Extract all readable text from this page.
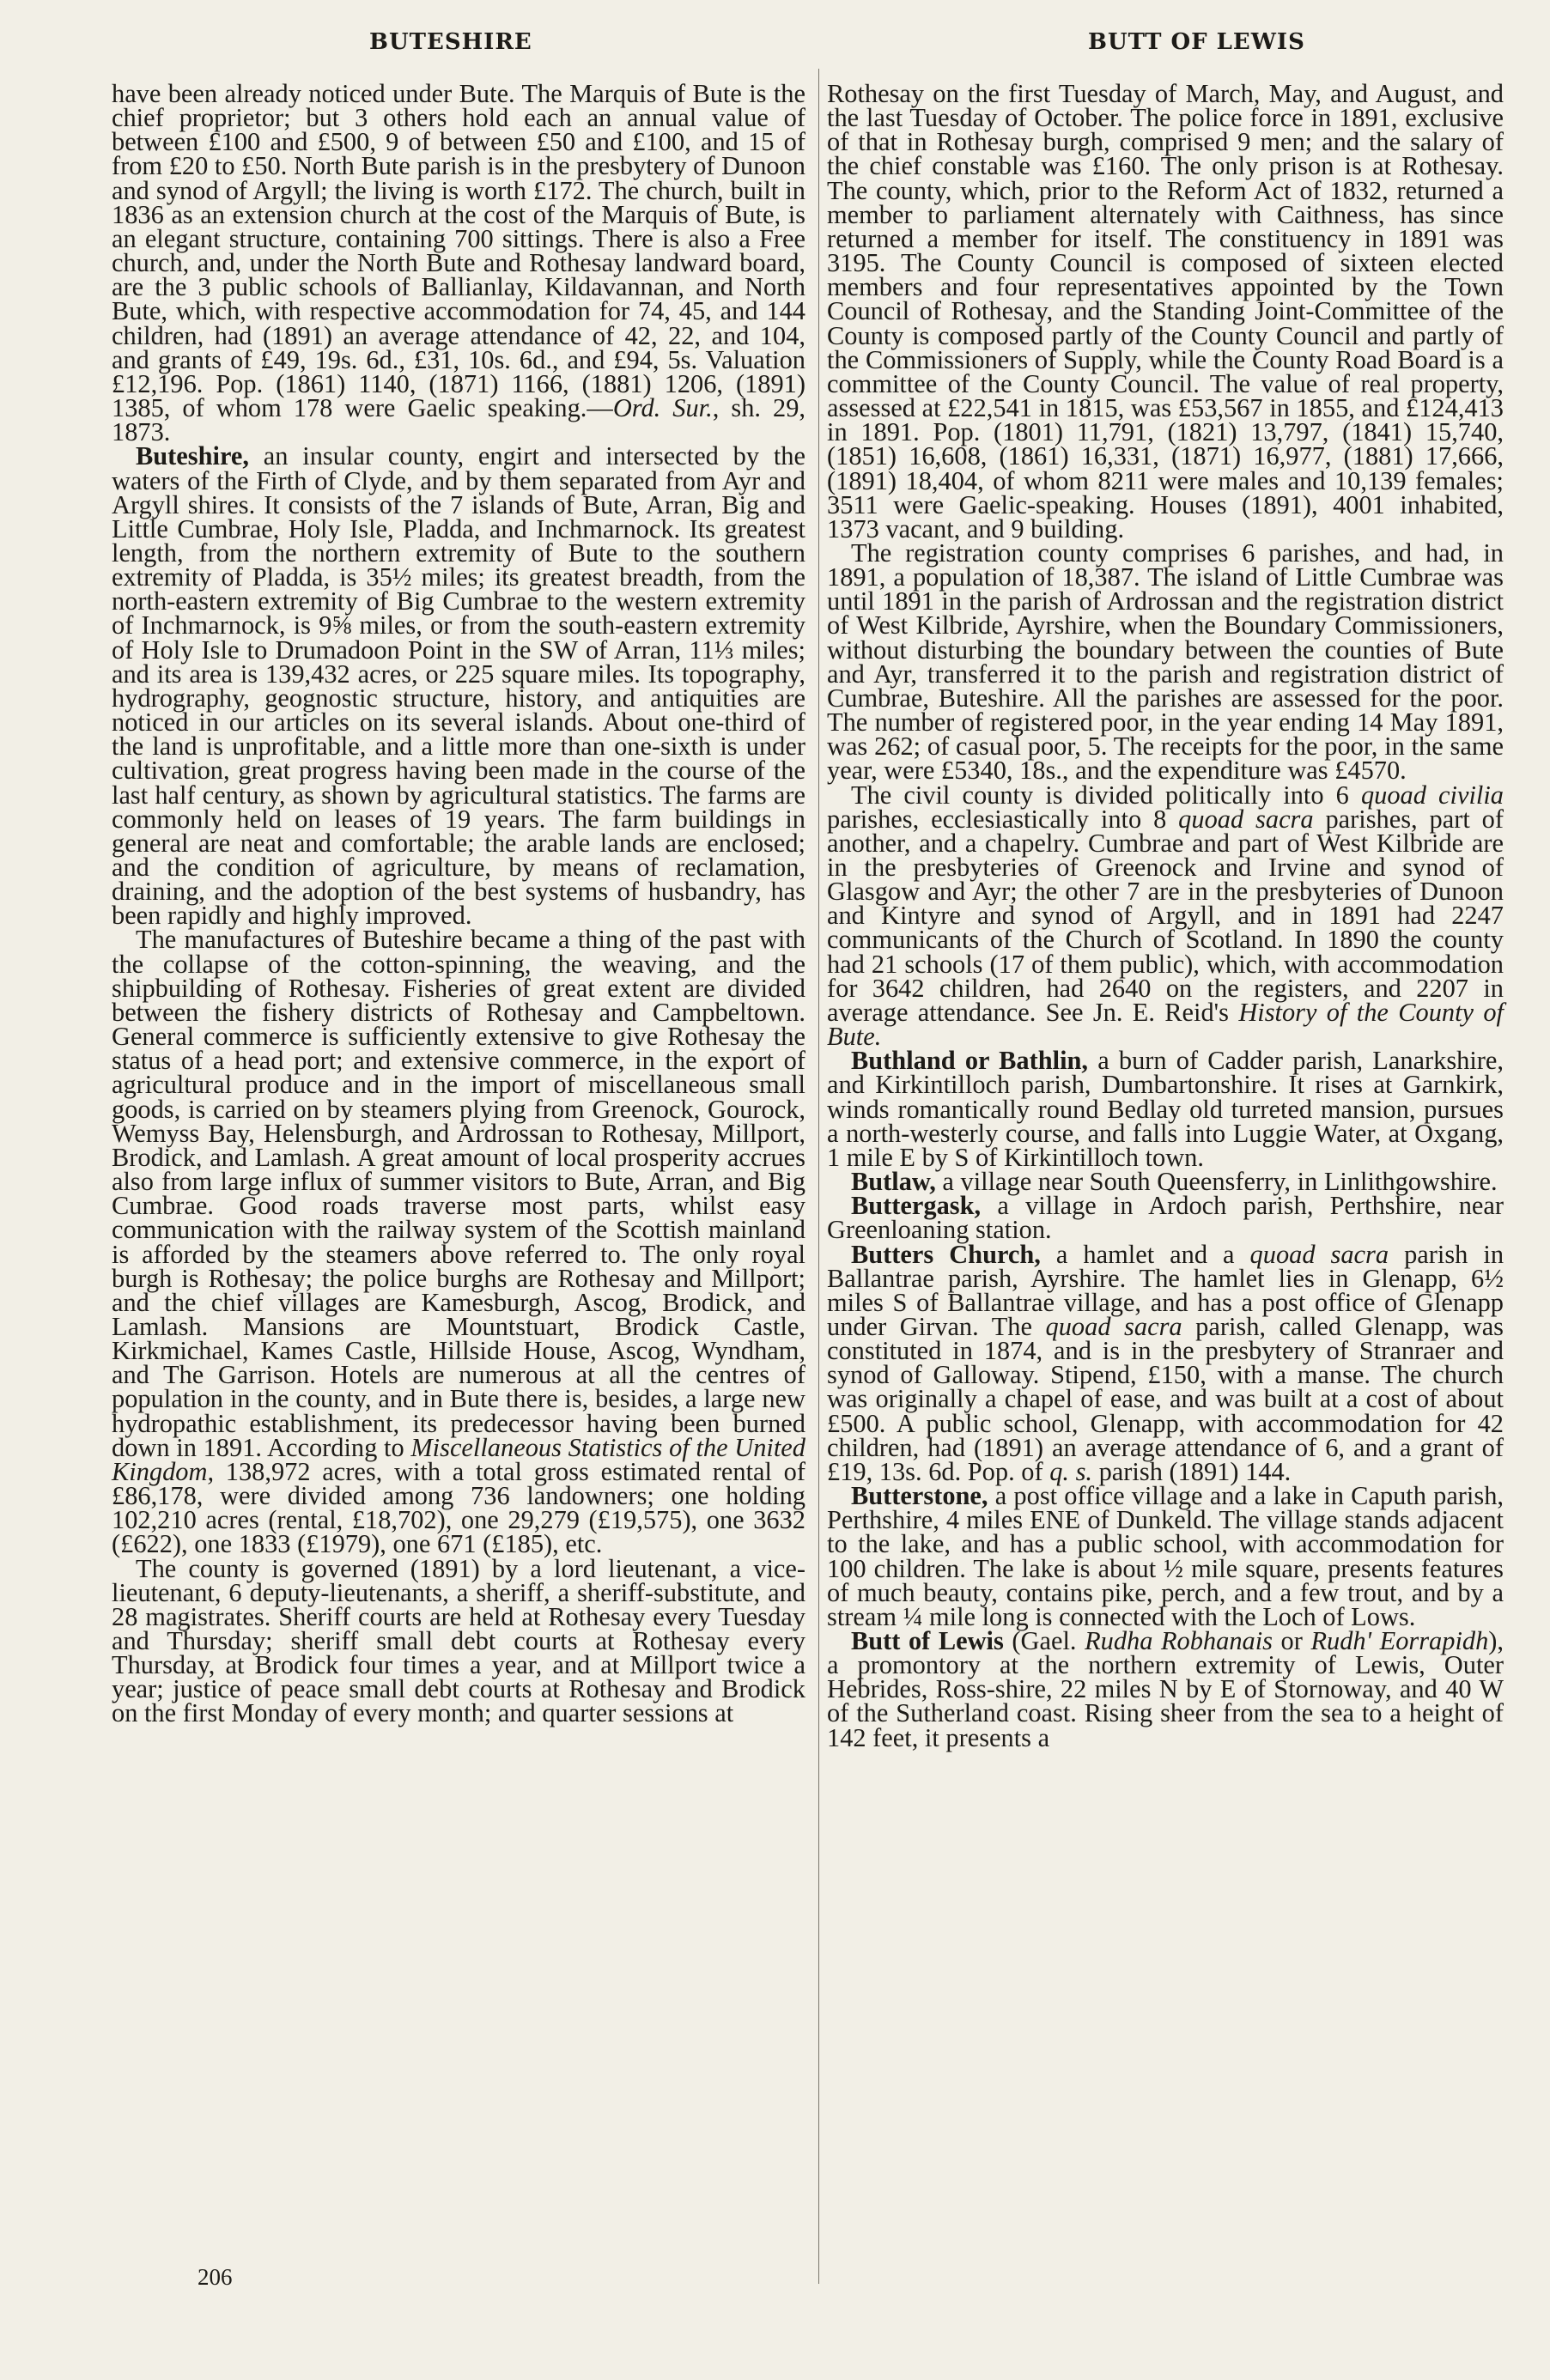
BUTESHIRE	BUTT OF LEWIS

have been already noticed under Bute. The Marquis of Bute is the chief proprietor; but 3 others hold each an annual value of between £100 and £500, 9 of between £50 and £100, and 15 of from £20 to £50. North Bute parish is in the presbytery of Dunoon and synod of Argyll; the living is worth £172. The church, built in 1836 as an extension church at the cost of the Marquis of Bute, is an elegant structure, containing 700 sittings. There is also a Free church, and, under the North Bute and Rothesay landward board, are the 3 public schools of Ballianlay, Kildavannan, and North Bute, which, with respective accommodation for 74, 45, and 144 children, had (1891) an average attendance of 42, 22, and 104, and grants of £49, 19s. 6d., £31, 10s. 6d., and £94, 5s. Valuation £12,196. Pop. (1861) 1140, (1871) 1166, (1881) 1206, (1891) 1385, of whom 178 were Gaelic speaking.—Ord. Sur., sh. 29, 1873.

Buteshire, an insular county, engirt and intersected by the waters of the Firth of Clyde, and by them separated from Ayr and Argyll shires. It consists of the 7 islands of Bute, Arran, Big and Little Cumbrae, Holy Isle, Pladda, and Inchmarnock. Its greatest length, from the northern extremity of Bute to the southern extremity of Pladda, is 35½ miles; its greatest breadth, from the north-eastern extremity of Big Cumbrae to the western extremity of Inchmarnock, is 9⅝ miles, or from the south-eastern extremity of Holy Isle to Drumadoon Point in the SW of Arran, 11⅓ miles; and its area is 139,432 acres, or 225 square miles. Its topography, hydrography, geognostic structure, history, and antiquities are noticed in our articles on its several islands. About one-third of the land is unprofitable, and a little more than one-sixth is under cultivation, great progress having been made in the course of the last half century, as shown by agricultural statistics. The farms are commonly held on leases of 19 years. The farm buildings in general are neat and comfortable; the arable lands are enclosed; and the condition of agriculture, by means of reclamation, draining, and the adoption of the best systems of husbandry, has been rapidly and highly improved.

The manufactures of Buteshire became a thing of the past with the collapse of the cotton-spinning, the weaving, and the shipbuilding of Rothesay. Fisheries of great extent are divided between the fishery districts of Rothesay and Campbeltown. General commerce is sufficiently extensive to give Rothesay the status of a head port; and extensive commerce, in the export of agricultural produce and in the import of miscellaneous small goods, is carried on by steamers plying from Greenock, Gourock, Wemyss Bay, Helensburgh, and Ardrossan to Rothesay, Millport, Brodick, and Lamlash. A great amount of local prosperity accrues also from large influx of summer visitors to Bute, Arran, and Big Cumbrae. Good roads traverse most parts, whilst easy communication with the railway system of the Scottish mainland is afforded by the steamers above referred to. The only royal burgh is Rothesay; the police burghs are Rothesay and Millport; and the chief villages are Kamesburgh, Ascog, Brodick, and Lamlash. Mansions are Mountstuart, Brodick Castle, Kirkmichael, Kames Castle, Hillside House, Ascog, Wyndham, and The Garrison. Hotels are numerous at all the centres of population in the county, and in Bute there is, besides, a large new hydropathic establishment, its predecessor having been burned down in 1891. According to Miscellaneous Statistics of the United Kingdom, 138,972 acres, with a total gross estimated rental of £86,178, were divided among 736 landowners; one holding 102,210 acres (rental, £18,702), one 29,279 (£19,575), one 3632 (£622), one 1833 (£1979), one 671 (£185), etc.

The county is governed (1891) by a lord lieutenant, a vice-lieutenant, 6 deputy-lieutenants, a sheriff, a sheriff-substitute, and 28 magistrates. Sheriff courts are held at Rothesay every Tuesday and Thursday; sheriff small debt courts at Rothesay every Thursday, at Brodick four times a year, and at Millport twice a year; justice of peace small debt courts at Rothesay and Brodick on the first Monday of every month; and quarter sessions at

Rothesay on the first Tuesday of March, May, and August, and the last Tuesday of October. The police force in 1891, exclusive of that in Rothesay burgh, comprised 9 men; and the salary of the chief constable was £160. The only prison is at Rothesay. The county, which, prior to the Reform Act of 1832, returned a member to parliament alternately with Caithness, has since returned a member for itself. The constituency in 1891 was 3195. The County Council is composed of sixteen elected members and four representatives appointed by the Town Council of Rothesay, and the Standing Joint-Committee of the County is composed partly of the County Council and partly of the Commissioners of Supply, while the County Road Board is a committee of the County Council. The value of real property, assessed at £22,541 in 1815, was £53,567 in 1855, and £124,413 in 1891. Pop. (1801) 11,791, (1821) 13,797, (1841) 15,740, (1851) 16,608, (1861) 16,331, (1871) 16,977, (1881) 17,666, (1891) 18,404, of whom 8211 were males and 10,139 females; 3511 were Gaelic-speaking. Houses (1891), 4001 inhabited, 1373 vacant, and 9 building.

The registration county comprises 6 parishes, and had, in 1891, a population of 18,387. The island of Little Cumbrae was until 1891 in the parish of Ardrossan and the registration district of West Kilbride, Ayrshire, when the Boundary Commissioners, without disturbing the boundary between the counties of Bute and Ayr, transferred it to the parish and registration district of Cumbrae, Buteshire. All the parishes are assessed for the poor. The number of registered poor, in the year ending 14 May 1891, was 262; of casual poor, 5. The receipts for the poor, in the same year, were £5340, 18s., and the expenditure was £4570.

The civil county is divided politically into 6 quoad civilia parishes, ecclesiastically into 8 quoad sacra parishes, part of another, and a chapelry. Cumbrae and part of West Kilbride are in the presbyteries of Greenock and Irvine and synod of Glasgow and Ayr; the other 7 are in the presbyteries of Dunoon and Kintyre and synod of Argyll, and in 1891 had 2247 communicants of the Church of Scotland. In 1890 the county had 21 schools (17 of them public), which, with accommodation for 3642 children, had 2640 on the registers, and 2207 in average attendance. See Jn. E. Reid's History of the County of Bute.

Buthland or Bathlin, a burn of Cadder parish, Lanarkshire, and Kirkintilloch parish, Dumbartonshire. It rises at Garnkirk, winds romantically round Bedlay old turreted mansion, pursues a north-westerly course, and falls into Luggie Water, at Oxgang, 1 mile E by S of Kirkintilloch town.

Butlaw, a village near South Queensferry, in Linlithgowshire.

Buttergask, a village in Ardoch parish, Perthshire, near Greenloaning station.

Butters Church, a hamlet and a quoad sacra parish in Ballantrae parish, Ayrshire. The hamlet lies in Glenapp, 6½ miles S of Ballantrae village, and has a post office of Glenapp under Girvan. The quoad sacra parish, called Glenapp, was constituted in 1874, and is in the presbytery of Stranraer and synod of Galloway. Stipend, £150, with a manse. The church was originally a chapel of ease, and was built at a cost of about £500. A public school, Glenapp, with accommodation for 42 children, had (1891) an average attendance of 6, and a grant of £19, 13s. 6d. Pop. of q. s. parish (1891) 144.

Butterstone, a post office village and a lake in Caputh parish, Perthshire, 4 miles ENE of Dunkeld. The village stands adjacent to the lake, and has a public school, with accommodation for 100 children. The lake is about ½ mile square, presents features of much beauty, contains pike, perch, and a few trout, and by a stream ¼ mile long is connected with the Loch of Lows.

Butt of Lewis (Gael. Rudha Robhanais or Rudh' Eorrapidh), a promontory at the northern extremity of Lewis, Outer Hebrides, Ross-shire, 22 miles N by E of Stornoway, and 40 W of the Sutherland coast. Rising sheer from the sea to a height of 142 feet, it presents a

206
